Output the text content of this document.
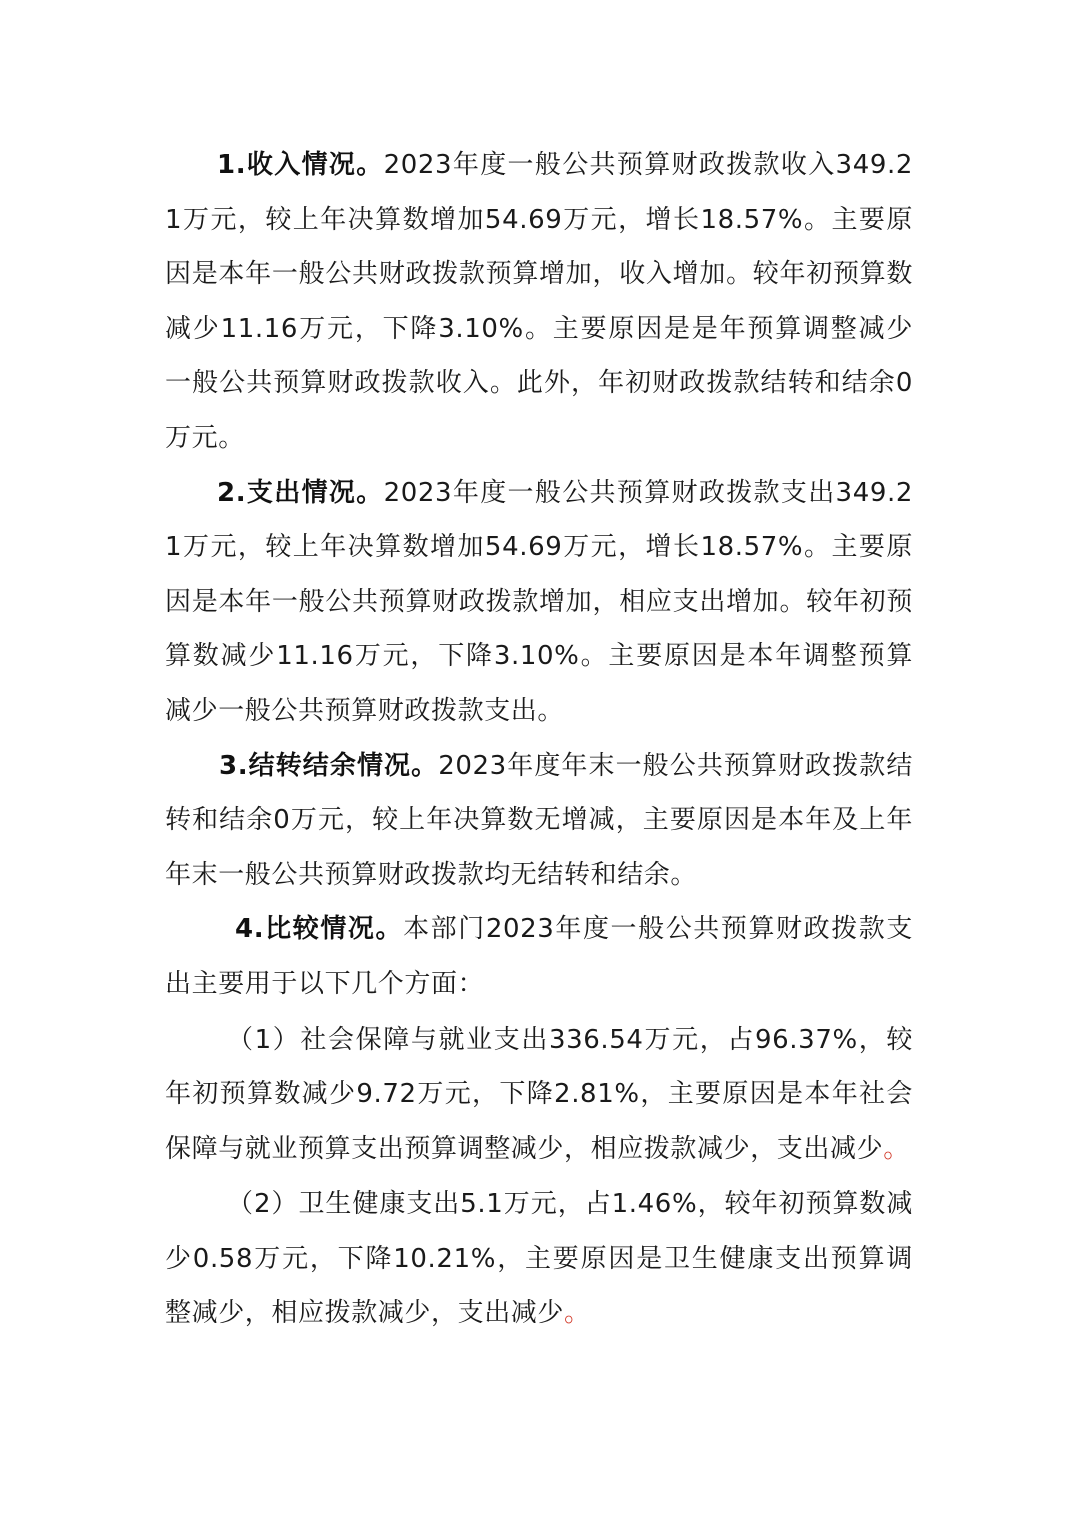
1.收入情况。2023年度一般公共预算财政拨款收入349.21万元，较上年决算数增加54.69万元，增长18.57%。主要原因是本年一般公共财政拨款预算增加，收入增加。较年初预算数减少11.16万元，下降3.10%。主要原因是是年预算调整减少一般公共预算财政拨款收入。此外，年初财政拨款结转和结余0万元。

2.支出情况。2023年度一般公共预算财政拨款支出349.21万元，较上年决算数增加54.69万元，增长18.57%。主要原因是本年一般公共预算财政拨款增加，相应支出增加。较年初预算数减少11.16万元，下降3.10%。主要原因是本年调整预算减少一般公共预算财政拨款支出。

3.结转结余情况。2023年度年末一般公共预算财政拨款结转和结余0万元，较上年决算数无增减，主要原因是本年及上年年末一般公共预算财政拨款均无结转和结余。

4.比较情况。本部门2023年度一般公共预算财政拨款支出主要用于以下几个方面：

（1）社会保障与就业支出336.54万元，占96.37%，较年初预算数减少9.72万元，下降2.81%，主要原因是本年社会保障与就业预算支出预算调整减少，相应拨款减少，支出减少。

（2）卫生健康支出5.1万元，占1.46%，较年初预算数减少0.58万元，下降10.21%，主要原因是卫生健康支出预算调整减少，相应拨款减少，支出减少。
